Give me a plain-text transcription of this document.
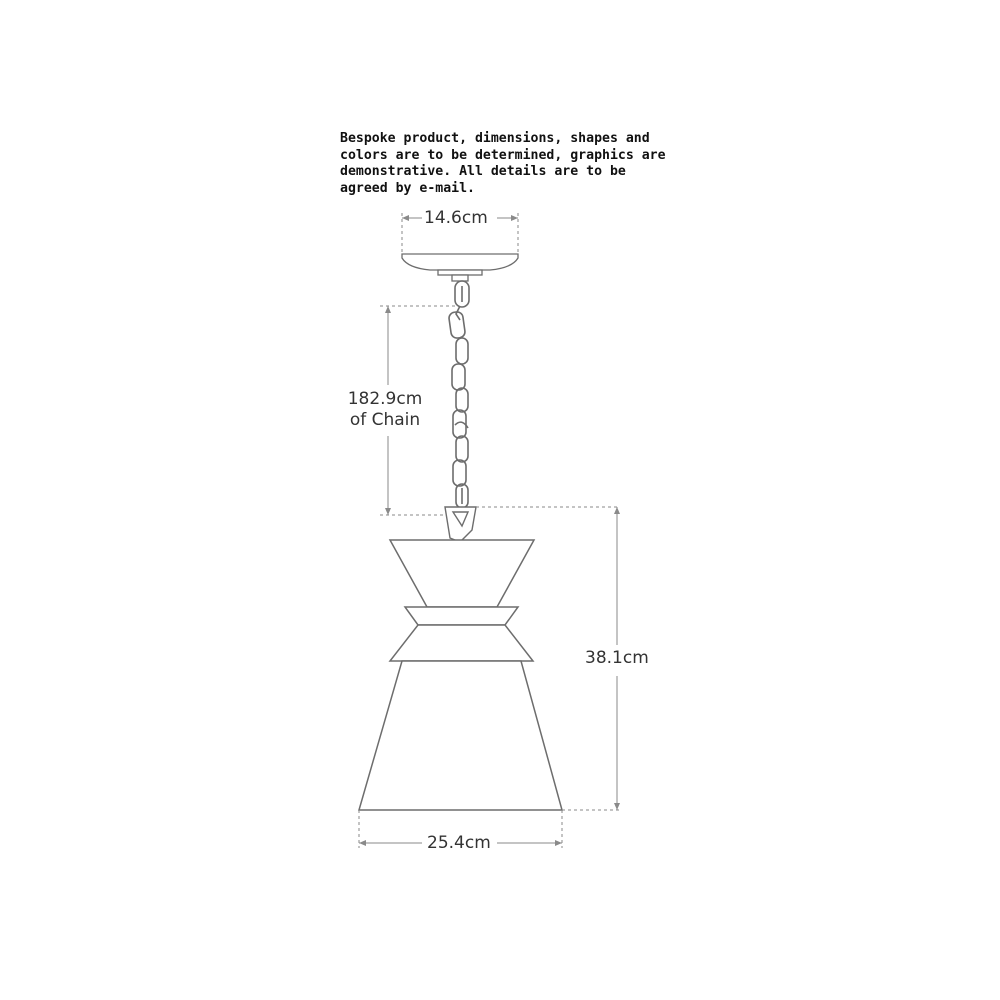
Bespoke product, dimensions, shapes and colors are to be determined, graphics are demonstrative. All details are to be agreed by e-mail.

14.6cm
182.9cm
of Chain
38.1cm
25.4cm
